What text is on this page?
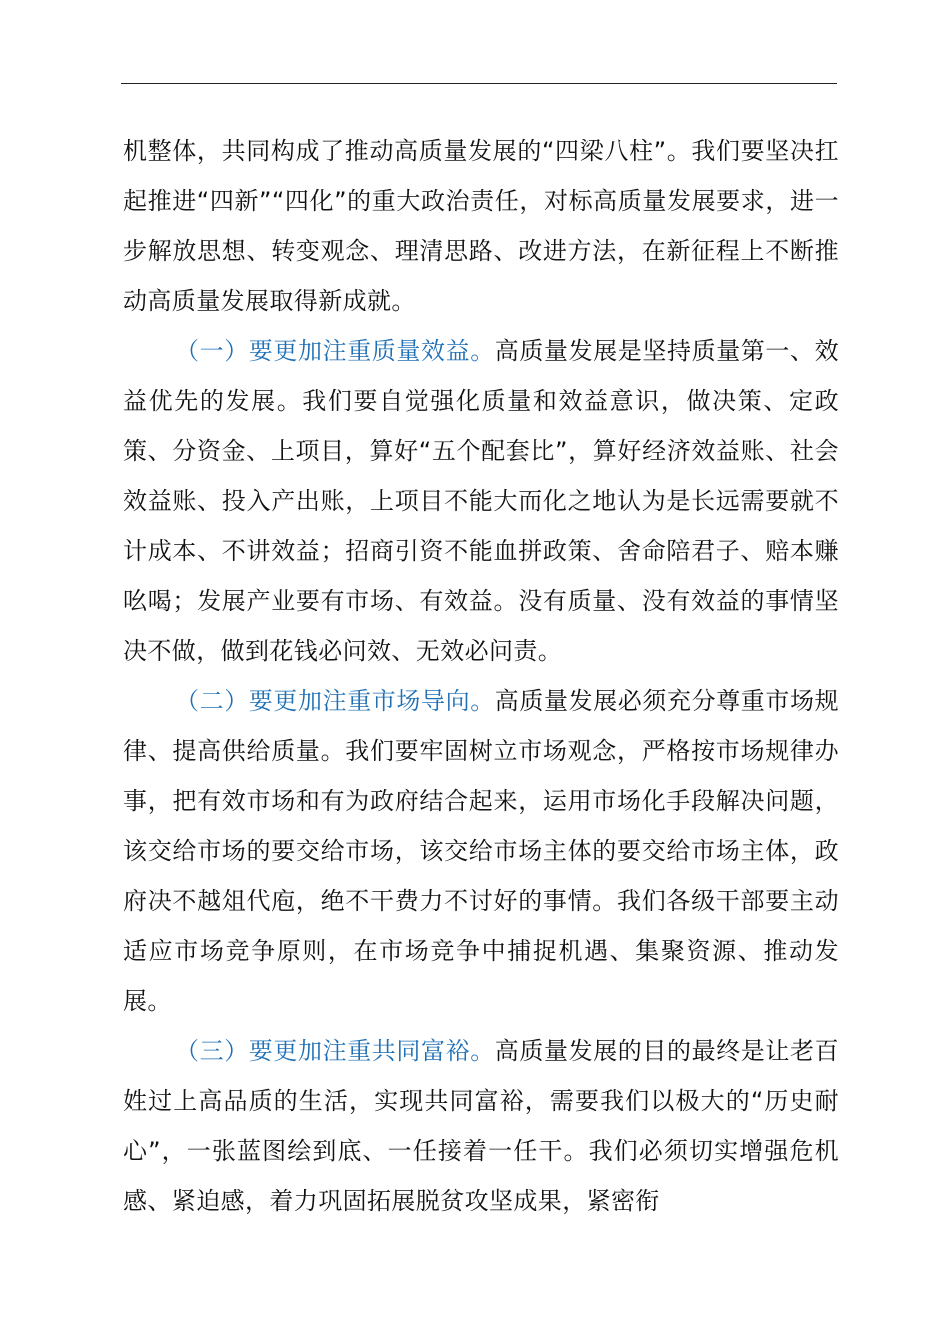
机整体，共同构成了推动高质量发展的“四梁八柱”。我们要坚决扛起推进“四新”“四化”的重大政治责任，对标高质量发展要求，进一步解放思想、转变观念、理清思路、改进方法，在新征程上不断推动高质量发展取得新成就。

（一）要更加注重质量效益。高质量发展是坚持质量第一、效益优先的发展。我们要自觉强化质量和效益意识，做决策、定政策、分资金、上项目，算好“五个配套比”，算好经济效益账、社会效益账、投入产出账，上项目不能大而化之地认为是长远需要就不计成本、不讲效益；招商引资不能血拼政策、舍命陪君子、赔本赚吆喝；发展产业要有市场、有效益。没有质量、没有效益的事情坚决不做，做到花钱必问效、无效必问责。

（二）要更加注重市场导向。高质量发展必须充分尊重市场规律、提高供给质量。我们要牢固树立市场观念，严格按市场规律办事，把有效市场和有为政府结合起来，运用市场化手段解决问题，该交给市场的要交给市场，该交给市场主体的要交给市场主体，政府决不越俎代庖，绝不干费力不讨好的事情。我们各级干部要主动适应市场竞争原则，在市场竞争中捕捉机遇、集聚资源、推动发展。

（三）要更加注重共同富裕。高质量发展的目的最终是让老百姓过上高品质的生活，实现共同富裕，需要我们以极大的“历史耐心”，一张蓝图绘到底、一任接着一任干。我们必须切实增强危机感、紧迫感，着力巩固拓展脱贫攻坚成果，紧密衔
